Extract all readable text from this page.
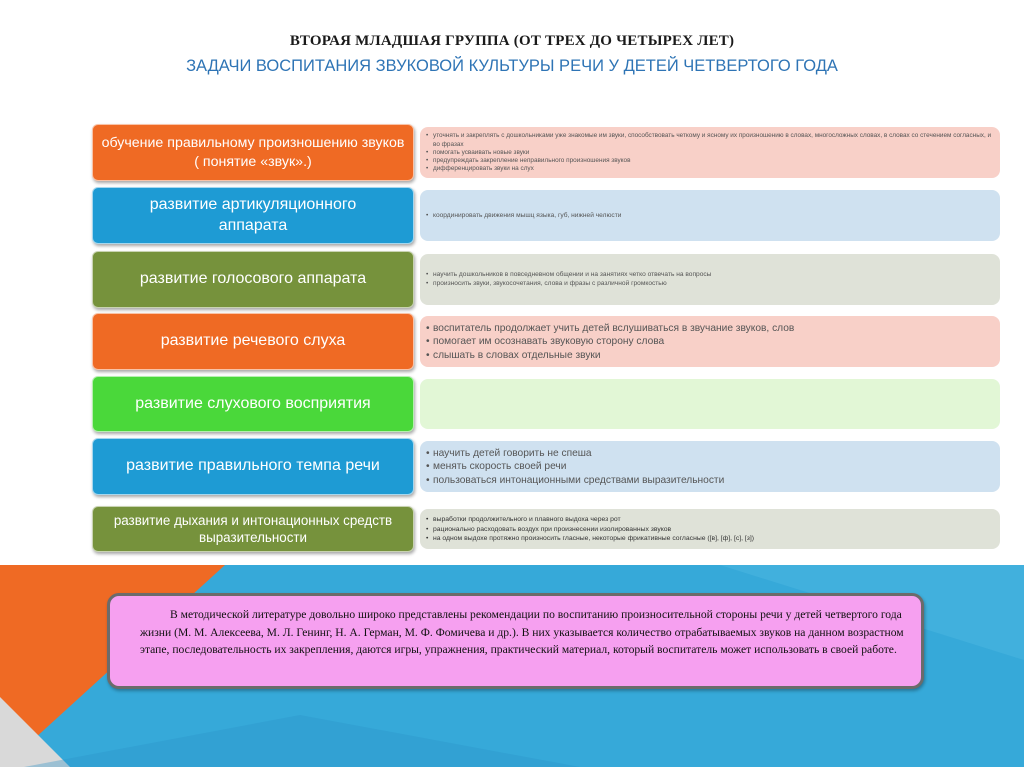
ВТОРАЯ МЛАДШАЯ ГРУППА (ОТ ТРЕХ ДО ЧЕТЫРЕХ ЛЕТ)
ЗАДАЧИ ВОСПИТАНИЯ ЗВУКОВОЙ КУЛЬТУРЫ РЕЧИ У ДЕТЕЙ ЧЕТВЕРТОГО ГОДА
обучение правильному произношению звуков ( понятие «звук».)
• уточнять и закреплять с дошкольниками уже знакомые им звуки, способствовать четкому и ясному их произношению в словах, многосложных словах, в словах со стечением согласных, и во фразах
• помогать усваивать новые звуки
• предупреждать закрепление неправильного произношения звуков
• дифференцировать звуки на слух
развитие артикуляционного аппарата
• координировать движения мышц языка, губ, нижней челюсти
развитие голосового аппарата
•	научить дошкольников в повседневном общении и на занятиях четко отвечать на вопросы
• произносить звуки, звукосочетания, слова и фразы с различной громкостью
развитие речевого слуха
• воспитатель продолжает учить детей вслушиваться в звучание звуков, слов
• помогает им осознавать звуковую сторону слова
• слышать в словах отдельные звуки
развитие слухового восприятия
развитие правильного темпа речи
• научить детей говорить не спеша
• менять скорость своей речи
• пользоваться интонационными средствами выразительности
развитие дыхания и интонационных средств выразительности
• выработки продолжительного и плавного выдоха через рот
• рационально расходовать воздух при произнесении изолированных звуков
• на одном выдохе протяжно произносить гласные, некоторые фрикативные согласные ([в], [ф], [с], [з])
В методической литературе довольно широко представлены рекомендации по воспитанию произносительной стороны речи у детей четвертого года жизни (М. М. Алексеева, М. Л. Генинг, Н. А. Герман, М. Ф. Фомичева и др.). В них указывается количество отрабатываемых звуков на данном возрастном этапе, последовательность их закрепления, даются игры, упражнения, практический материал, который воспитатель может использовать в своей работе.
